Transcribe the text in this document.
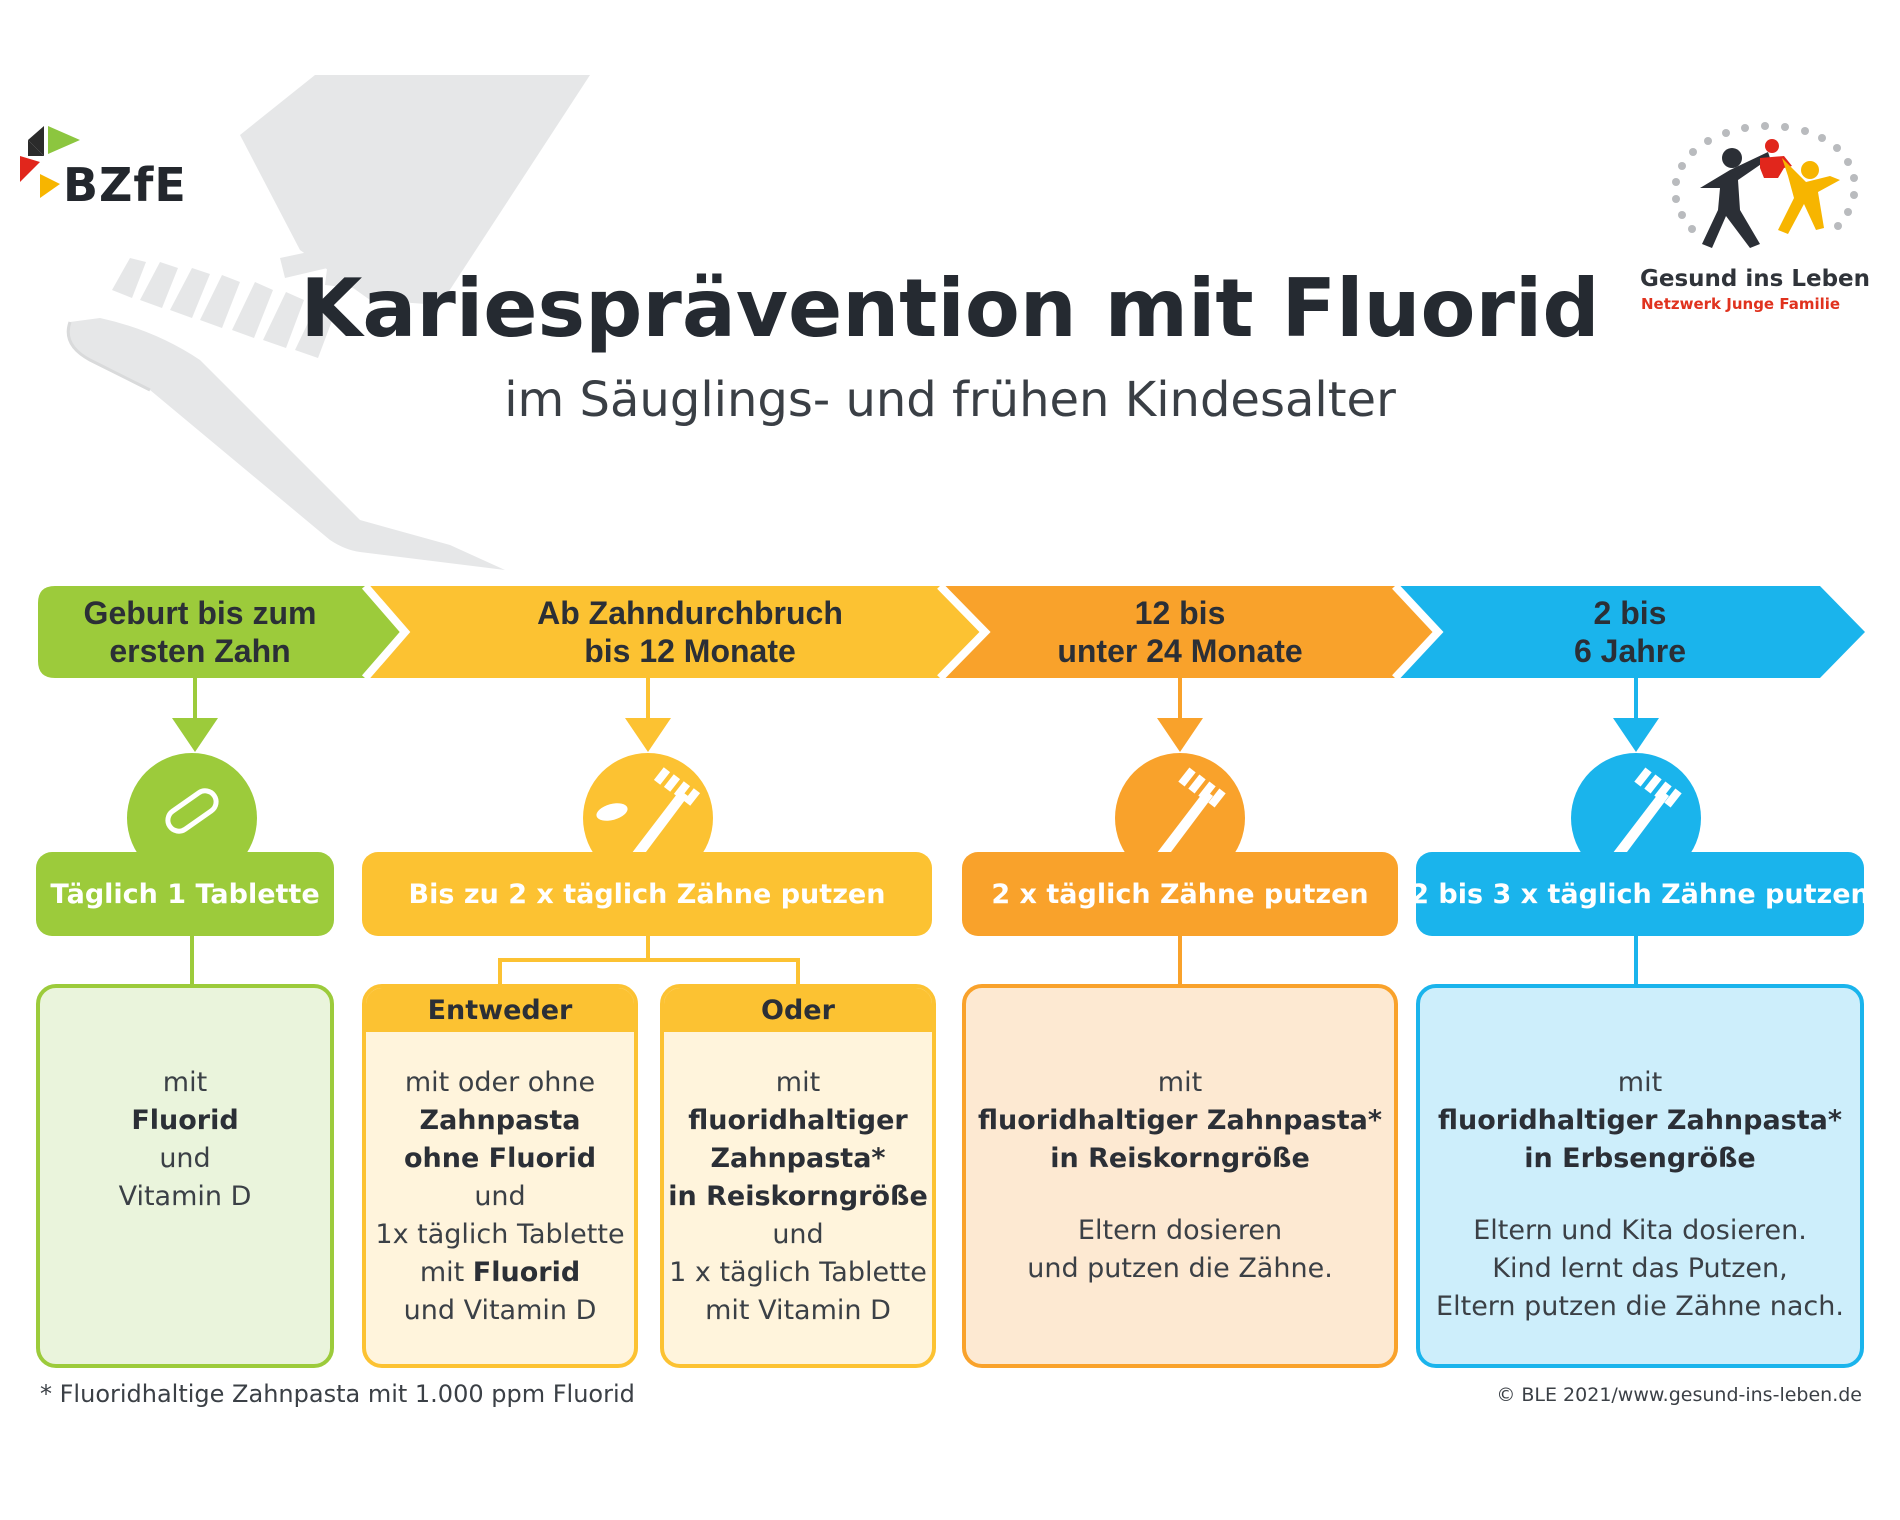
BZfE
Gesund ins Leben
Netzwerk Junge Familie
Kariesprävention mit Fluorid
im Säuglings- und frühen Kindesalter
Geburt bis zum
ersten Zahn
Ab Zahndurchbruch
bis 12 Monate
12 bis
unter 24 Monate
2 bis
6 Jahre
Täglich 1 Tablette	Bis zu 2 x täglich Zähne putzen	2 x täglich Zähne putzen	2 bis 3 x täglich Zähne putzen
mit
Fluorid
und
Vitamin D
Entweder
mit oder ohne
Zahnpasta
ohne Fluorid
und
1x täglich Tablette
mit Fluorid
und Vitamin D
Oder
mit
fluoridhaltiger
Zahnpasta*
in Reiskorngröße
und
1 x täglich Tablette
mit Vitamin D
mit
fluoridhaltiger Zahnpasta*
in Reiskorngröße
Eltern dosieren
und putzen die Zähne.
mit
fluoridhaltiger Zahnpasta*
in Erbsengröße
Eltern und Kita dosieren.
Kind lernt das Putzen,
Eltern putzen die Zähne nach.
* Fluoridhaltige Zahnpasta mit 1.000 ppm Fluorid	© BLE 2021/www.gesund-ins-leben.de
